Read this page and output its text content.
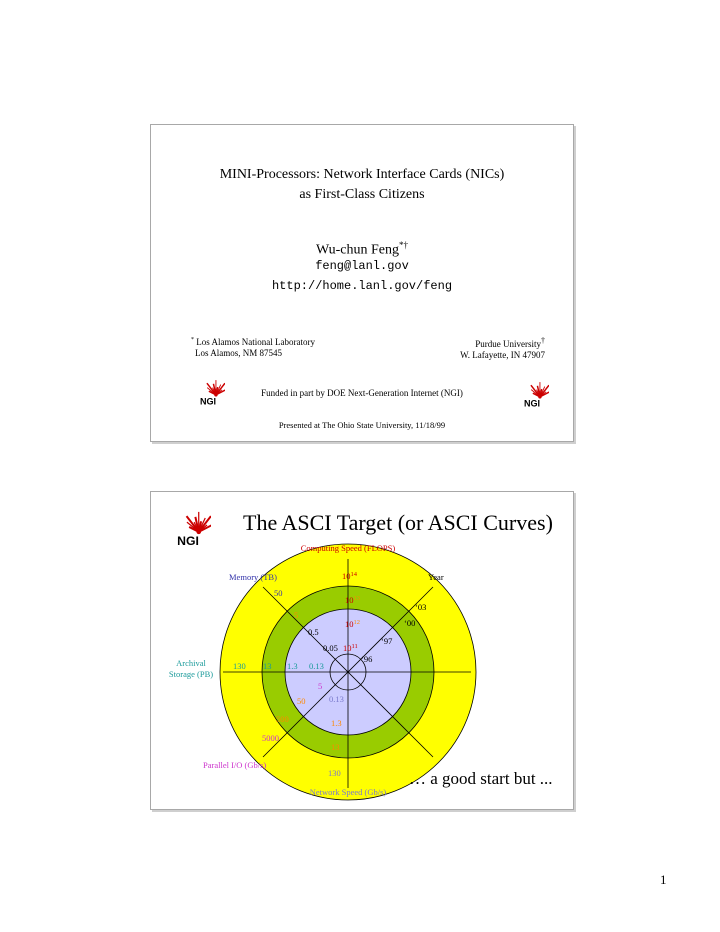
MINI-Processors: Network Interface Cards (NICs)
as First-Class Citizens
Wu-chun Feng*†
feng@lanl.gov
http://home.lanl.gov/feng
* Los Alamos National Laboratory
Los Alamos, NM 87545
Purdue University†
W. Lafayette, IN 47907
NGI
Funded in part by DOE Next-Generation Internet (NGI)
NGI
Presented at The Ohio State University, 11/18/99
NGI
The ASCI Target (or ASCI Curves)
Computing Speed (FLOPS)
Memory (TB)	Year
Archival
Storage (PB)
Parallel I/O (Gb/s)
Network Speed (Gb/s)
$10^{14}$
$10^{13}$
$10^{12}$
$10^{11}$
50
5
0.5
0.05
‘03
‘00
‘97
‘96
130 13 1.3 0.13
5000
500
50
5
130
13
1.3
0.13
… a good start but ...
1
